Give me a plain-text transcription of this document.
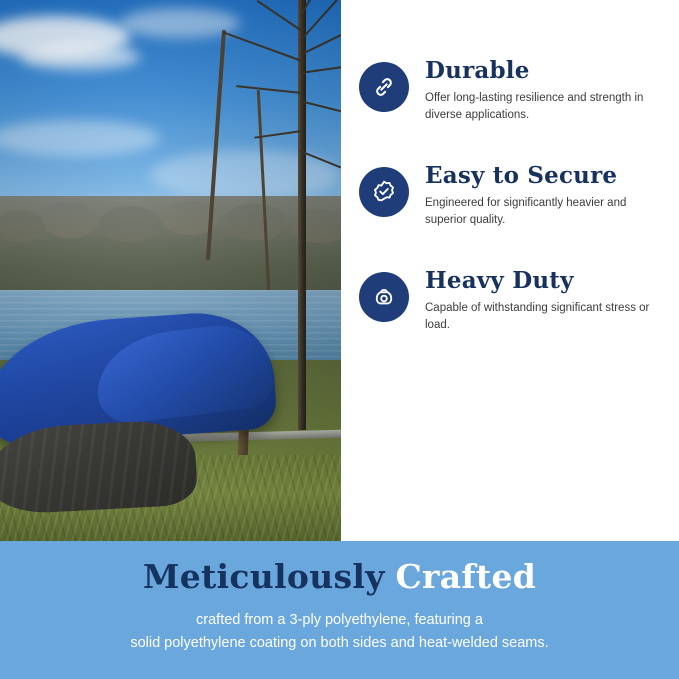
Durable
Offer long-lasting resilience and strength in diverse applications.
Easy to Secure
Engineered for significantly heavier and superior quality.
Heavy Duty
Capable of withstanding significant stress or load.
Meticulously Crafted
crafted from a 3-ply polyethylene, featuring a
solid polyethylene coating on both sides and heat-welded seams.
